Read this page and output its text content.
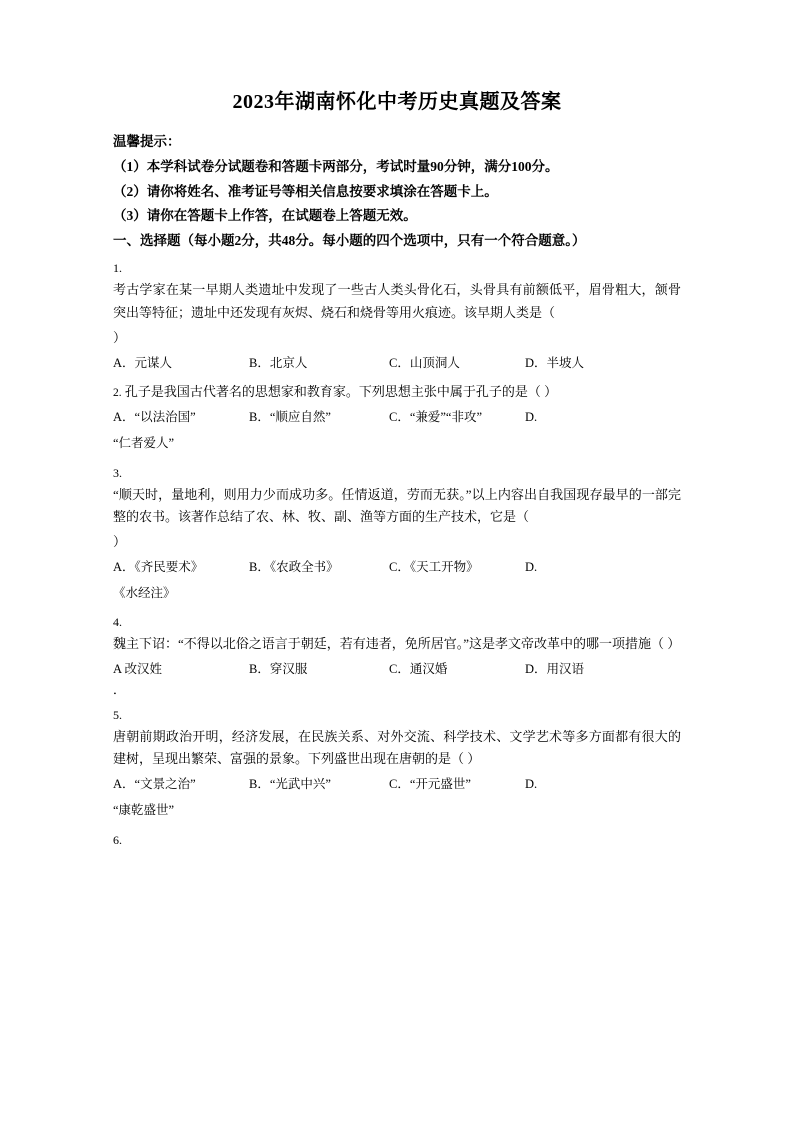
2023年湖南怀化中考历史真题及答案
温馨提示：
（1）本学科试卷分试题卷和答题卡两部分，考试时量90分钟，满分100分。
（2）请你将姓名、准考证号等相关信息按要求填涂在答题卡上。
（3）请你在答题卡上作答，在试题卷上答题无效。
一、选择题（每小题2分，共48分。每小题的四个选项中，只有一个符合题意。）
1.
考古学家在某一早期人类遗址中发现了一些古人类头骨化石，头骨具有前额低平，眉骨粗大，颔骨突出等特征；遗址中还发现有灰烬、烧石和烧骨等用火痕迹。该早期人类是（
）
A．元谋人	B．北京人	C．山顶洞人	D．半坡人
2. 孔子是我国古代著名的思想家和教育家。下列思想主张中属于孔子的是（ ）
A．“以法治国”	B．“顺应自然”	C．“兼爱”“非攻”	D.
“仁者爱人”
3.
“顺天时，量地利，则用力少而成功多。任情返道，劳而无获。”以上内容出自我国现存最早的一部完整的农书。该著作总结了农、林、牧、副、渔等方面的生产技术，它是（
）
A．《齐民要术》	B．《农政全书》	C．《天工开物》	D.
《水经注》
4.
魏主下诏：“不得以北俗之语言于朝廷，若有违者，免所居官。”这是孝文帝改革中的哪一项措施（ ）
A 改汉姓	B．穿汉服	C．通汉婚	D．用汉语
．
5.
唐朝前期政治开明，经济发展，在民族关系、对外交流、科学技术、文学艺术等多方面都有很大的建树，呈现出繁荣、富强的景象。下列盛世出现在唐朝的是（ ）
A．“文景之治”	B．“光武中兴”	C．“开元盛世”	D.
“康乾盛世”
6.
